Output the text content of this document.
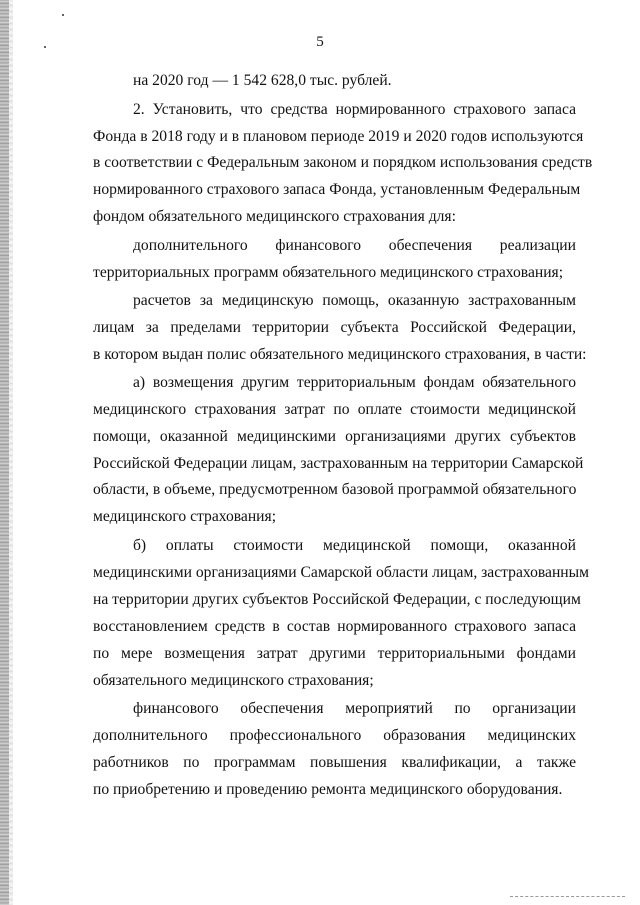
5
на 2020 год — 1 542 628,0 тыс. рублей.
2. Установить, что средства нормированного страхового запаса
Фонда в 2018 году и в плановом периоде 2019 и 2020 годов используются
в соответствии с Федеральным законом и порядком использования средств
нормированного страхового запаса Фонда, установленным Федеральным
фондом обязательного медицинского страхования для:
дополнительного финансового обеспечения реализации
территориальных программ обязательного медицинского страхования;
расчетов за медицинскую помощь, оказанную застрахованным
лицам за пределами территории субъекта Российской Федерации,
в котором выдан полис обязательного медицинского страхования, в части:
а) возмещения другим территориальным фондам обязательного
медицинского страхования затрат по оплате стоимости медицинской
помощи, оказанной медицинскими организациями других субъектов
Российской Федерации лицам, застрахованным на территории Самарской
области, в объеме, предусмотренном базовой программой обязательного
медицинского страхования;
б) оплаты стоимости медицинской помощи, оказанной
медицинскими организациями Самарской области лицам, застрахованным
на территории других субъектов Российской Федерации, с последующим
восстановлением средств в состав нормированного страхового запаса
по мере возмещения затрат другими территориальными фондами
обязательного медицинского страхования;
финансового обеспечения мероприятий по организации
дополнительного профессионального образования медицинских
работников по программам повышения квалификации, а также
по приобретению и проведению ремонта медицинского оборудования.
